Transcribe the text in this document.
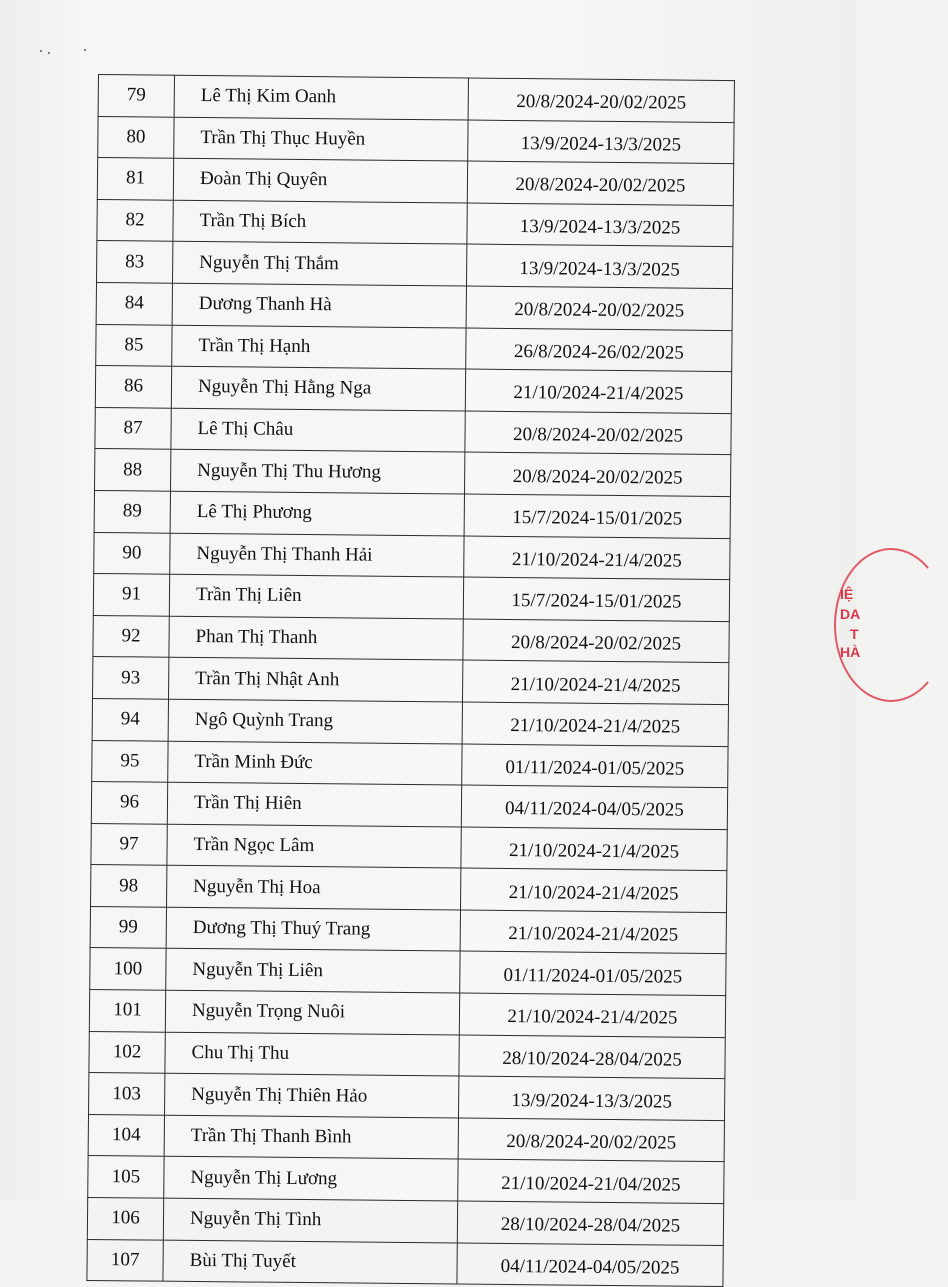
79	Lê Thị Kim Oanh	20/8/2024-20/02/2025
80	Trần Thị Thục Huyền	13/9/2024-13/3/2025
81	Đoàn Thị Quyên	20/8/2024-20/02/2025
82	Trần Thị Bích	13/9/2024-13/3/2025
83	Nguyễn Thị Thắm	13/9/2024-13/3/2025
84	Dương Thanh Hà	20/8/2024-20/02/2025
85	Trần Thị Hạnh	26/8/2024-26/02/2025
86	Nguyễn Thị Hằng Nga	21/10/2024-21/4/2025
87	Lê Thị Châu	20/8/2024-20/02/2025
88	Nguyễn Thị Thu Hương	20/8/2024-20/02/2025
89	Lê Thị Phương	15/7/2024-15/01/2025
90	Nguyễn Thị Thanh Hải	21/10/2024-21/4/2025
91	Trần Thị Liên	15/7/2024-15/01/2025
92	Phan Thị Thanh	20/8/2024-20/02/2025
93	Trần Thị Nhật Anh	21/10/2024-21/4/2025
94	Ngô Quỳnh Trang	21/10/2024-21/4/2025
95	Trần Minh Đức	01/11/2024-01/05/2025
96	Trần Thị Hiên	04/11/2024-04/05/2025
97	Trần Ngọc Lâm	21/10/2024-21/4/2025
98	Nguyễn Thị Hoa	21/10/2024-21/4/2025
99	Dương Thị Thuý Trang	21/10/2024-21/4/2025
100	Nguyễn Thị Liên	01/11/2024-01/05/2025
101	Nguyễn Trọng Nuôi	21/10/2024-21/4/2025
102	Chu Thị Thu	28/10/2024-28/04/2025
103	Nguyễn Thị Thiên Hảo	13/9/2024-13/3/2025
104	Trần Thị Thanh Bình	20/8/2024-20/02/2025
105	Nguyễn Thị Lương	21/10/2024-21/04/2025
106	Nguyễn Thị Tình	28/10/2024-28/04/2025
107	Bùi Thị Tuyết	04/11/2024-04/05/2025
IỆ
DA
T
HÀ
